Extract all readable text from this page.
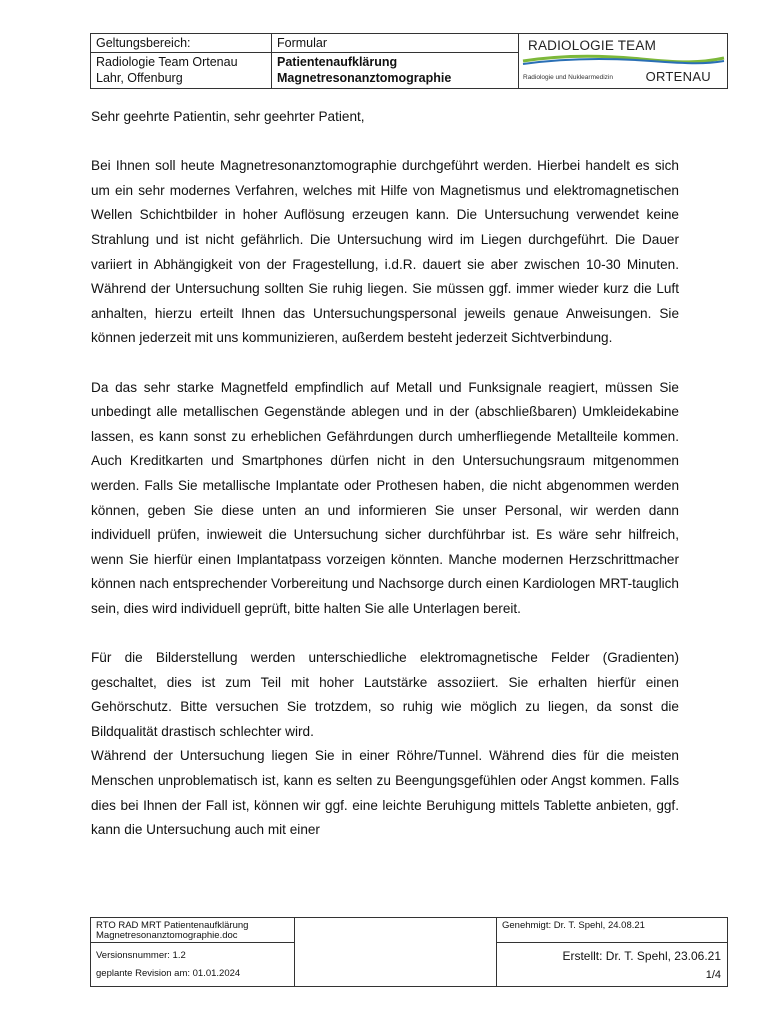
Geltungsbereich:
Radiologie Team Ortenau
Lahr, Offenburg
Formular
Patientenaufklärung
Magnetresonanztomographie
RADIOLOGIE TEAM
Radiologie und Nuklearmedizin	ORTENAU

Sehr geehrte Patientin, sehr geehrter Patient,

Bei Ihnen soll heute Magnetresonanztomographie durchgeführt werden. Hierbei handelt es sich um ein sehr modernes Verfahren, welches mit Hilfe von Magnetismus und elektromagnetischen Wellen Schichtbilder in hoher Auflösung erzeugen kann. Die Untersuchung verwendet keine Strahlung und ist nicht gefährlich. Die Untersuchung wird im Liegen durchgeführt. Die Dauer variiert in Abhängigkeit von der Fragestellung, i.d.R. dauert sie aber zwischen 10-30 Minuten. Während der Untersuchung sollten Sie ruhig liegen. Sie müssen ggf. immer wieder kurz die Luft anhalten, hierzu erteilt Ihnen das Untersuchungspersonal jeweils genaue Anweisungen. Sie können jederzeit mit uns kommunizieren, außerdem besteht jederzeit Sichtverbindung.

Da das sehr starke Magnetfeld empfindlich auf Metall und Funksignale reagiert, müssen Sie unbedingt alle metallischen Gegenstände ablegen und in der (abschließbaren) Umkleidekabine lassen, es kann sonst zu erheblichen Gefährdungen durch umherfliegende Metallteile kommen. Auch Kreditkarten und Smartphones dürfen nicht in den Untersuchungsraum mitgenommen werden. Falls Sie metallische Implantate oder Prothesen haben, die nicht abgenommen werden können, geben Sie diese unten an und informieren Sie unser Personal, wir werden dann individuell prüfen, inwieweit die Untersuchung sicher durchführbar ist. Es wäre sehr hilfreich, wenn Sie hierfür einen Implantatpass vorzeigen könnten. Manche modernen Herzschrittmacher können nach entsprechender Vorbereitung und Nachsorge durch einen Kardiologen MRT-tauglich sein, dies wird individuell geprüft, bitte halten Sie alle Unterlagen bereit.

Für die Bilderstellung werden unterschiedliche elektromagnetische Felder (Gradienten) geschaltet, dies ist zum Teil mit hoher Lautstärke assoziiert. Sie erhalten hierfür einen Gehörschutz. Bitte versuchen Sie trotzdem, so ruhig wie möglich zu liegen, da sonst die Bildqualität drastisch schlechter wird.

Während der Untersuchung liegen Sie in einer Röhre/Tunnel. Während dies für die meisten Menschen unproblematisch ist, kann es selten zu Beengungsgefühlen oder Angst kommen. Falls dies bei Ihnen der Fall ist, können wir ggf. eine leichte Beruhigung mittels Tablette anbieten, ggf. kann die Untersuchung auch mit einer

RTO RAD MRT Patientenaufklärung
Magnetresonanztomographie.doc
Versionsnummer: 1.2
geplante Revision am: 01.01.2024
Genehmigt: Dr. T. Spehl, 24.08.21
Erstellt: Dr. T. Spehl, 23.06.21
1/4
